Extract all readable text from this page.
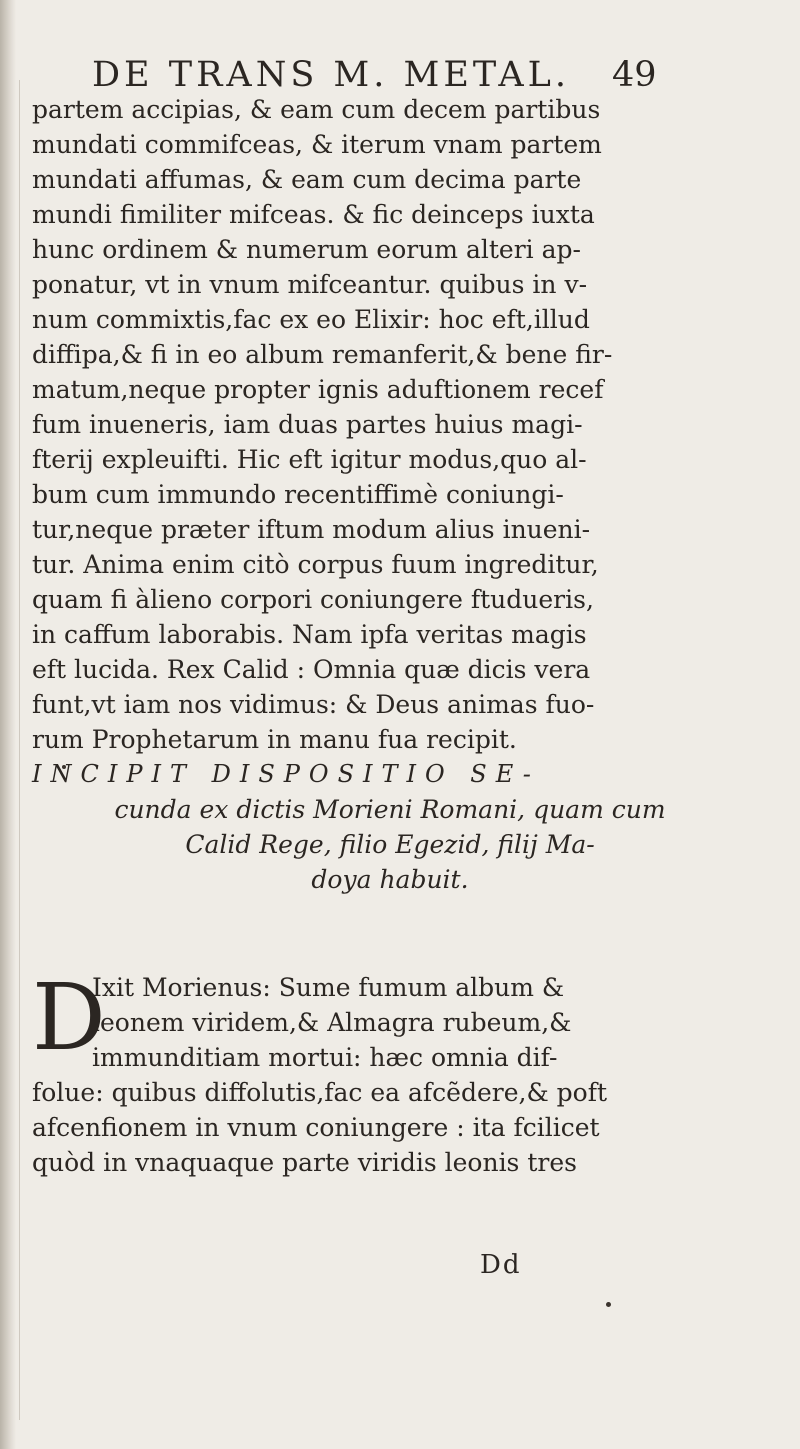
DE TRANS M. METAL. 49
partem accipias, & eam cum decem partibus
mundati commifceas, & iterum vnam partem
mundati affumas, & eam cum decima parte
mundi fimiliter mifceas. & fic deinceps iuxta
hunc ordinem & numerum eorum alteri ap-
ponatur, vt in vnum mifceantur. quibus in v-
num commixtis,fac ex eo Elixir: hoc eft,illud
diffipa,& fi in eo album remanferit,& bene fir-
matum,neque propter ignis aduftionem recef
fum inueneris, iam duas partes huius magi-
fterij expleuifti. Hic eft igitur modus,quo al-
bum cum immundo recentiffimè coniungi-
tur,neque præter iftum modum alius inueni-
tur. Anima enim citò corpus fuum ingreditur,
quam fi àlieno corpori coniungere ftudueris,
in caffum laborabis. Nam ipfa veritas magis
eft lucida. Rex Calid : Omnia quæ dicis vera
funt,vt iam nos vidimus: & Deus animas fuo-
rum Prophetarum in manu fua recipit.
INCIPIT DISPOSITIO SE-
cunda ex dictis Morieni Romani, quam cum
Calid Rege, filio Egezid, filij Ma-
doya habuit.
D
Ixit Morienus: Sume fumum album &
leonem viridem,& Almagra rubeum,&
immunditiam mortui: hæc omnia dif-
folue: quibus diffolutis,fac ea afcẽdere,& poft
afcenfionem in vnum coniungere : ita fcilicet
quòd in vnaquaque parte viridis leonis tres
Dd
